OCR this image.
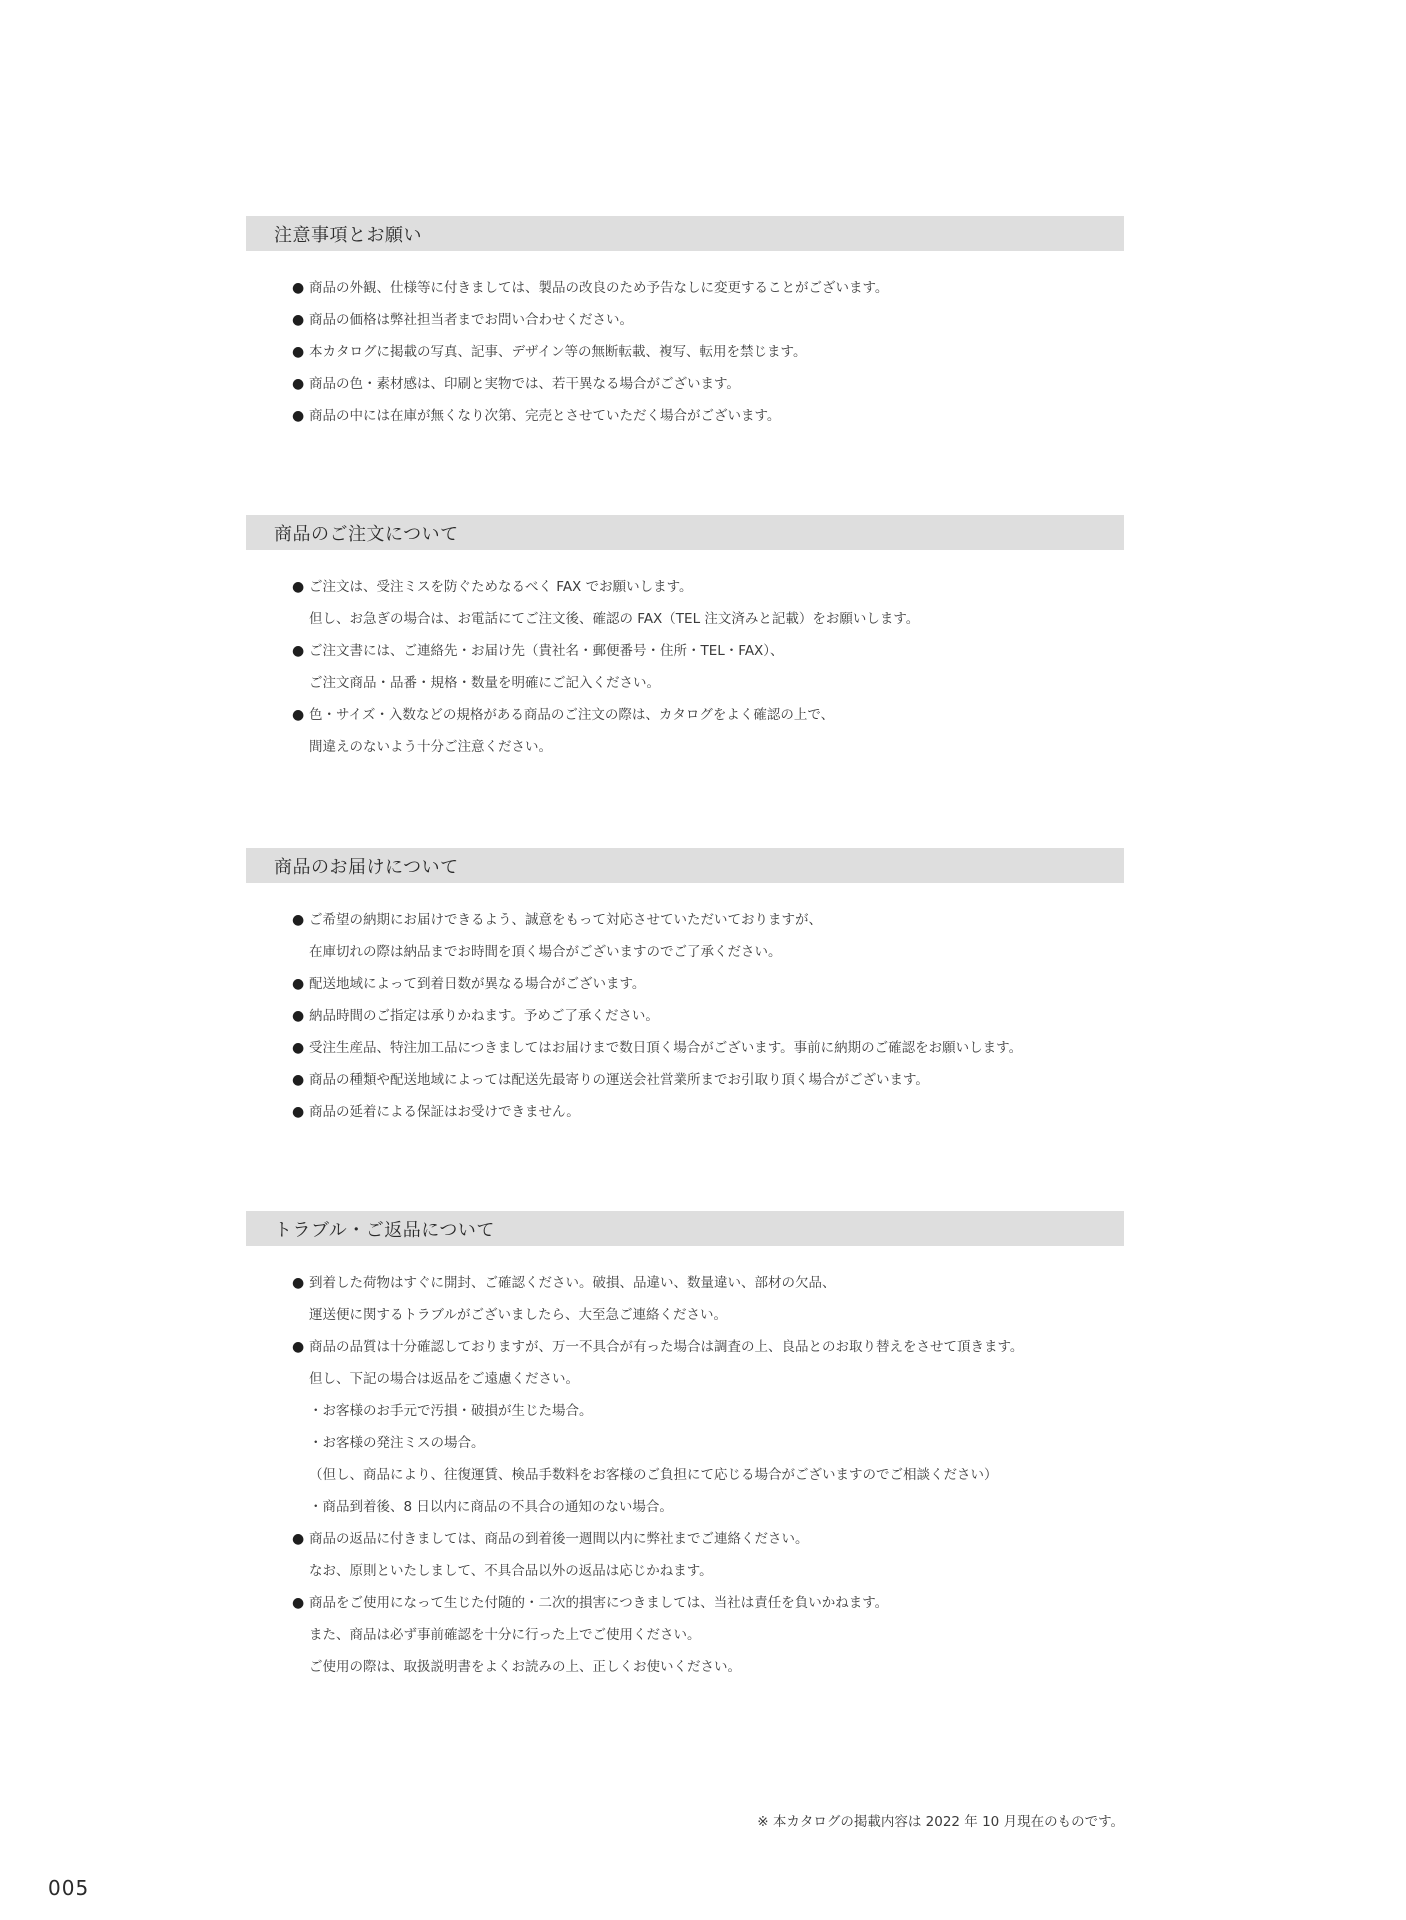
注意事項とお願い
● 商品の外観、仕様等に付きましては、製品の改良のため予告なしに変更することがございます。
● 商品の価格は弊社担当者までお問い合わせください。
● 本カタログに掲載の写真、記事、デザイン等の無断転載、複写、転用を禁じます。
● 商品の色・素材感は、印刷と実物では、若干異なる場合がございます。
● 商品の中には在庫が無くなり次第、完売とさせていただく場合がございます。
商品のご注文について
● ご注文は、受注ミスを防ぐためなるべく FAX でお願いします。
但し、お急ぎの場合は、お電話にてご注文後、確認の FAX（TEL 注文済みと記載）をお願いします。
● ご注文書には、ご連絡先・お届け先（貴社名・郵便番号・住所・TEL・FAX）、
ご注文商品・品番・規格・数量を明確にご記入ください。
● 色・サイズ・入数などの規格がある商品のご注文の際は、カタログをよく確認の上で、
間違えのないよう十分ご注意ください。
商品のお届けについて
● ご希望の納期にお届けできるよう、誠意をもって対応させていただいておりますが、
在庫切れの際は納品までお時間を頂く場合がございますのでご了承ください。
● 配送地域によって到着日数が異なる場合がございます。
● 納品時間のご指定は承りかねます。予めご了承ください。
● 受注生産品、特注加工品につきましてはお届けまで数日頂く場合がございます。事前に納期のご確認をお願いします。
● 商品の種類や配送地域によっては配送先最寄りの運送会社営業所までお引取り頂く場合がございます。
● 商品の延着による保証はお受けできません。
トラブル・ご返品について
● 到着した荷物はすぐに開封、ご確認ください。破損、品違い、数量違い、部材の欠品、
運送便に関するトラブルがございましたら、大至急ご連絡ください。
● 商品の品質は十分確認しておりますが、万一不具合が有った場合は調査の上、良品とのお取り替えをさせて頂きます。
但し、下記の場合は返品をご遠慮ください。
・お客様のお手元で汚損・破損が生じた場合。
・お客様の発注ミスの場合。
（但し、商品により、往復運賃、検品手数料をお客様のご負担にて応じる場合がございますのでご相談ください）
・商品到着後、8 日以内に商品の不具合の通知のない場合。
● 商品の返品に付きましては、商品の到着後一週間以内に弊社までご連絡ください。
なお、原則といたしまして、不具合品以外の返品は応じかねます。
● 商品をご使用になって生じた付随的・二次的損害につきましては、当社は責任を負いかねます。
また、商品は必ず事前確認を十分に行った上でご使用ください。
ご使用の際は、取扱説明書をよくお読みの上、正しくお使いください。
※ 本カタログの掲載内容は 2022 年 10 月現在のものです。
005
